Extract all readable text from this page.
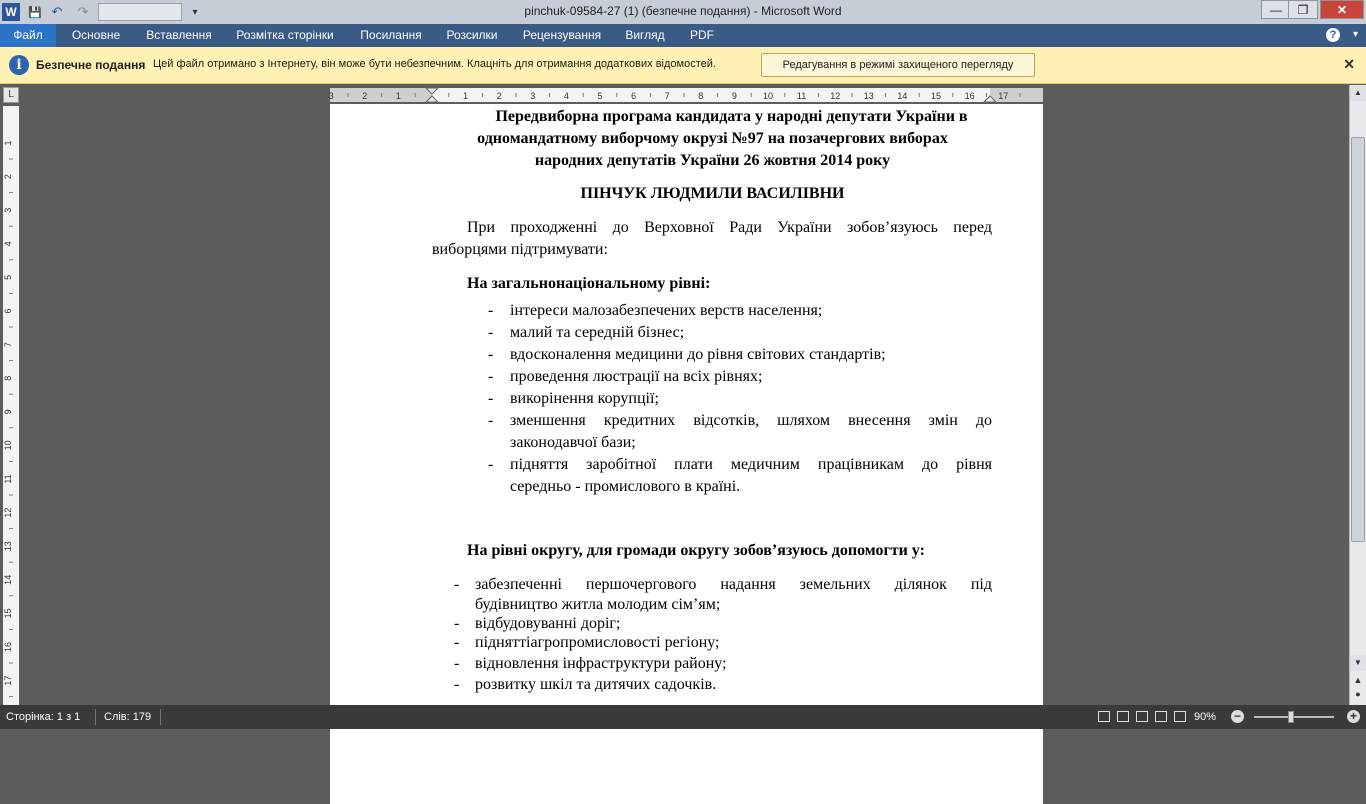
W	💾 ↶ ↷	▾	pinchuk-09584-27 (1) (безпечне подання) - Microsoft Word	—	❐	✕
Файл	Основне	Вставлення	Розмітка сторінки	Посилання	Розсилки	Рецензування	Вигляд	PDF	?	▾
i	Безпечне подання Цей файл отримано з Інтернету, він може бути небезпечним. Клацніть для отримання додаткових відомостей.	Редагування в режимі захищеного перегляду	✕
L	3	2	1	1	2	3	4	5	6	7	8	9	10	11	12	13	14	15	16	17
1
2
3
4
5
6
7
8
9
10
11
12
13
14
15
16
17
Передвиборна програма кандидата у народні депутати України в
одномандатному виборчому окрузі №97 на позачергових виборах
народних депутатів України 26 жовтня 2014 року
ПІНЧУК ЛЮДМИЛИ ВАСИЛІВНИ
При проходженні до Верховної Ради України зобов’язуюсь перед
виборцями підтримувати:
На загальнонаціональному рівні:
- інтереси малозабезпечених верств населення;
- малий та середній бізнес;
- вдосконалення медицини до рівня світових стандартів;
- проведення люстрації на всіх рівнях;
- викорінення корупції;
- зменшення кредитних відсотків, шляхом внесення змін до
законодавчої бази;
- підняття заробітної плати медичним працівникам до рівня
середньо - промислового в країні.
На рівні округу, для громади округу зобов’язуюсь допомогти у:
- забезпеченні першочергового надання земельних ділянок під
будівництво житла молодим сім’ям;
- відбудовуванні доріг;
- підняттіагропромисловості регіону;
- відновлення інфраструктури району;
- розвитку шкіл та дитячих садочків.
▲
▼
▲
●
Сторінка: 1 з 1 Слів: 179	90% −	+
